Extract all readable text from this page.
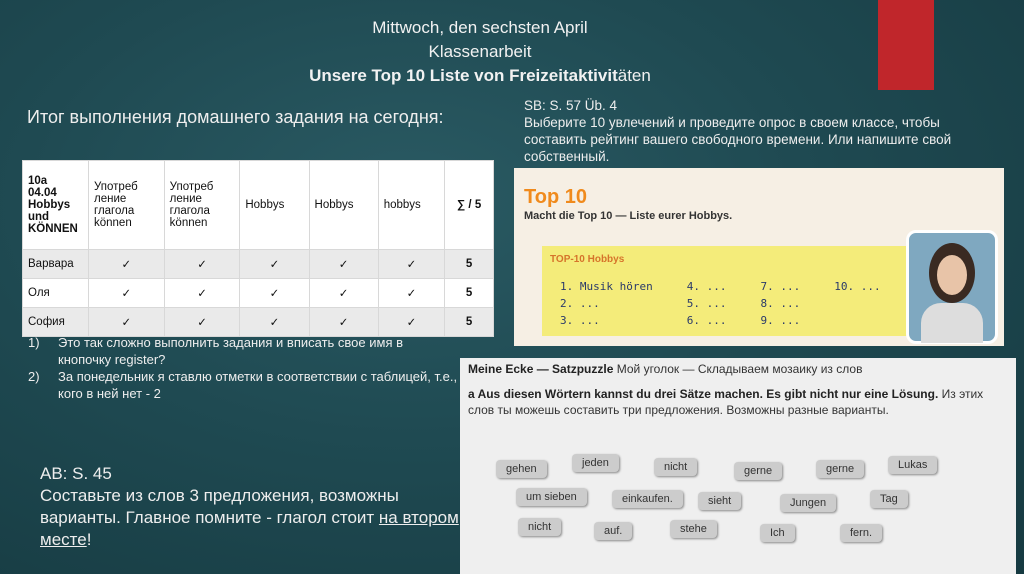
Mittwoch, den sechsten April
Klassenarbeit
Unsere Top 10 Liste von Freizeitaktivitäten
Итог выполнения домашнего задания на сегодня:
10a
04.04
Hobbys
und
KÖNNEN	Употреб
ление
глагола
können	Употреб
ление
глагола
können	Hobbys	Hobbys	hobbys	∑ / 5
Варвара	✓	✓	✓	✓	✓	5
Оля	✓	✓	✓	✓	✓	5
София	✓	✓	✓	✓	✓	5
1)	Это так сложно выполнить задания и вписать свое имя в кнопочку register?
2)	За понедельник я ставлю отметки в соответствии с таблицей, т.е., кого в ней нет - 2
AB: S. 45
Составьте из слов 3 предложения, возможны варианты. Главное помните - глагол стоит на втором месте!
SB: S. 57 Üb. 4
Выберите 10 увлечений и проведите опрос в своем классе, чтобы составить рейтинг вашего свободного времени. Или напишите свой собственный.
Top 10
Macht die Top 10 — Liste eurer Hobbys.
TOP-10 Hobbys
1. Musik hören
2. ...
3. ...
4. ...
5. ...
6. ...
7. ...
8. ...
9. ...
10. ...
Meine Ecke — Satzpuzzle Мой уголок — Складываем мозаику из слов
a Aus diesen Wörtern kannst du drei Sätze machen. Es gibt nicht nur eine Lösung. Из этих слов ты можешь составить три предложения. Возможны разные варианты.
gehen	jeden	nicht	gerne	gerne	Lukas
um sieben	einkaufen.	sieht	Jungen	Tag
nicht	auf.	stehe	Ich	fern.
